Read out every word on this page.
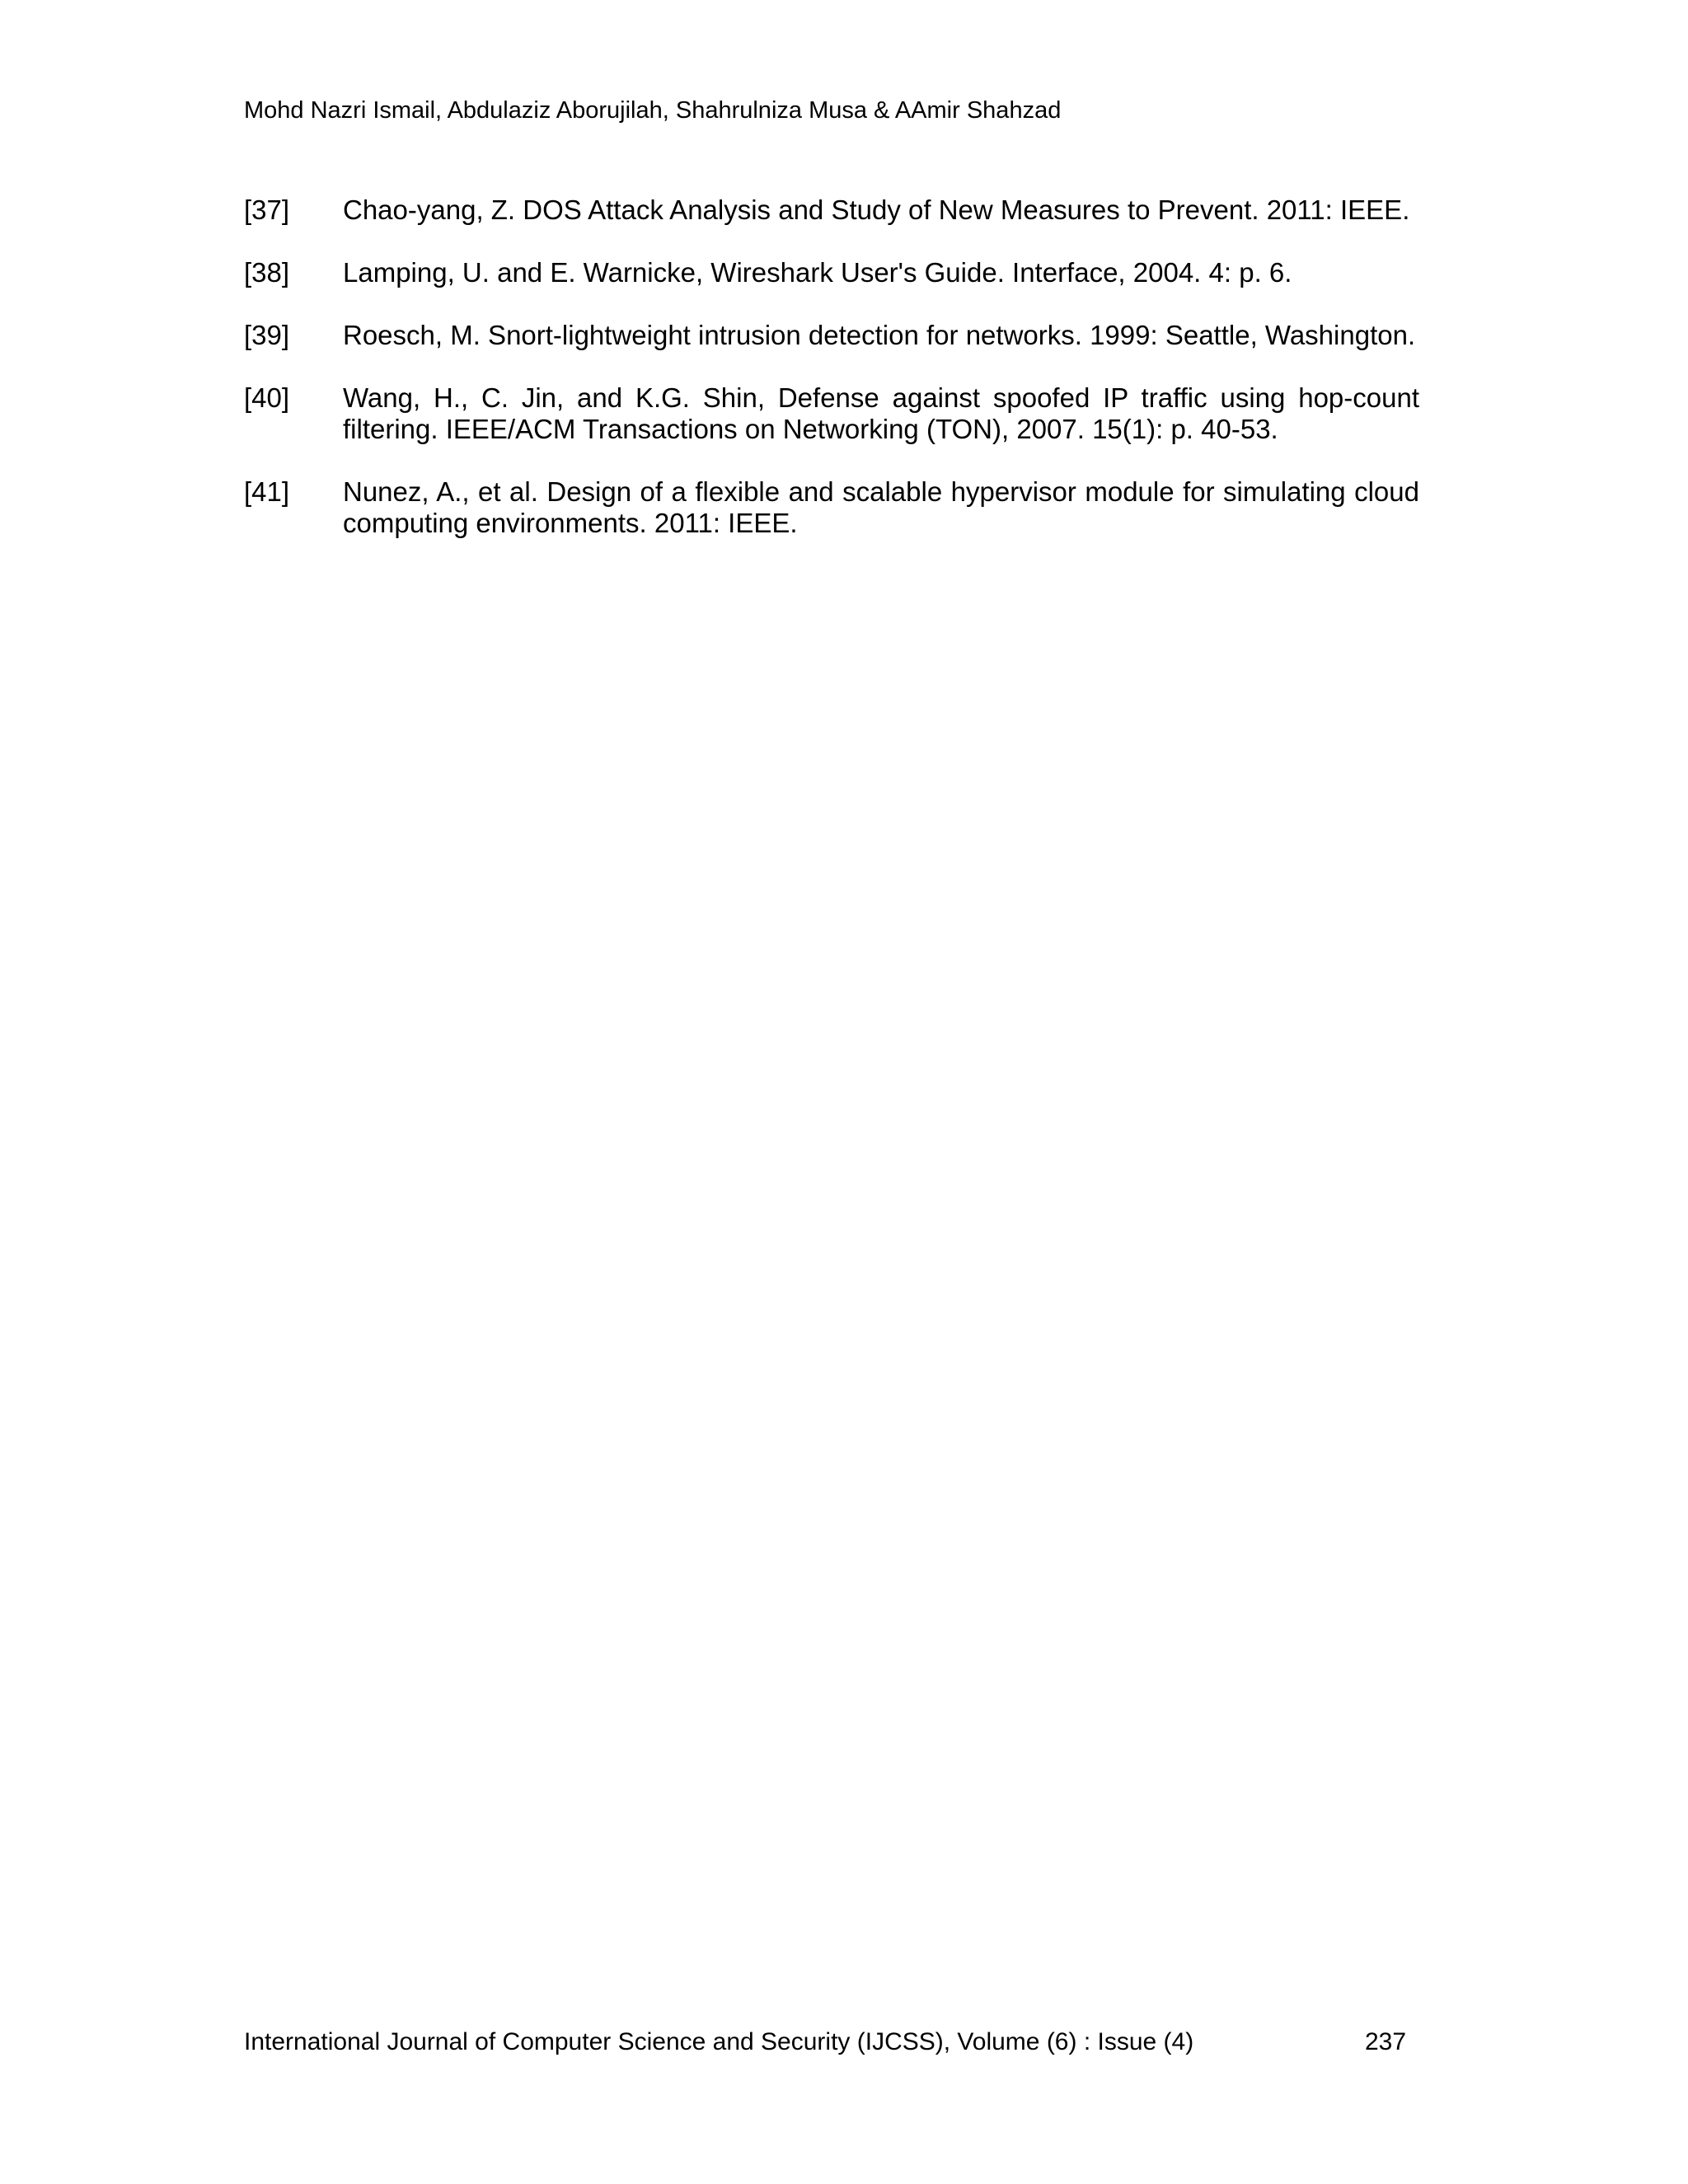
Mohd Nazri Ismail, Abdulaziz Aborujilah, Shahrulniza Musa & AAmir Shahzad
[37]	Chao-yang, Z. DOS Attack Analysis and Study of New Measures to Prevent. 2011: IEEE.
[38]	Lamping, U. and E. Warnicke, Wireshark User's Guide. Interface, 2004. 4: p. 6.
[39]	Roesch, M. Snort-lightweight intrusion detection for networks. 1999: Seattle, Washington.
[40]	Wang, H., C. Jin, and K.G. Shin, Defense against spoofed IP traffic using hop-count filtering. IEEE/ACM Transactions on Networking (TON), 2007. 15(1): p. 40-53.
[41]	Nunez, A., et al. Design of a flexible and scalable hypervisor module for simulating cloud computing environments. 2011: IEEE.
International Journal of Computer Science and Security (IJCSS), Volume (6) : Issue (4)	237
